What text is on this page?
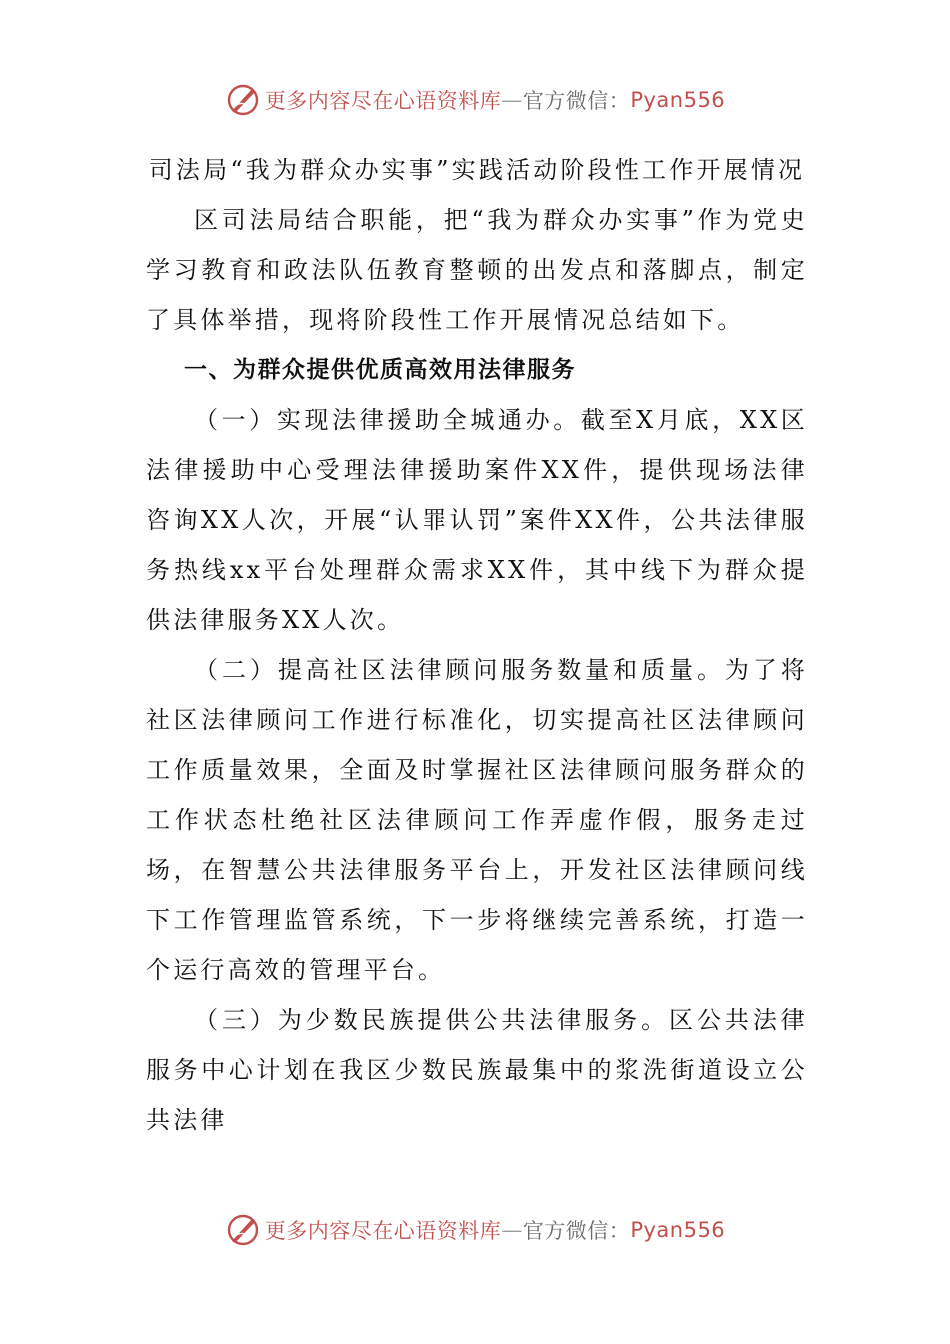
更多内容尽在心语资料库 — 官方微信： Pyan556

司法局“我为群众办实事”实践活动阶段性工作开展情况

区司法局结合职能，把“我为群众办实事”作为党史学习教育和政法队伍教育整顿的出发点和落脚点，制定了具体举措，现将阶段性工作开展情况总结如下。

一、为群众提供优质高效用法律服务

（一）实现法律援助全城通办。截至X月底，XX区法律援助中心受理法律援助案件XX件，提供现场法律咨询XX人次，开展“认罪认罚”案件XX件，公共法律服务热线xx平台处理群众需求XX件，其中线下为群众提供法律服务XX人次。

（二）提高社区法律顾问服务数量和质量。为了将社区法律顾问工作进行标准化，切实提高社区法律顾问工作质量效果，全面及时掌握社区法律顾问服务群众的工作状态杜绝社区法律顾问工作弄虚作假，服务走过场，在智慧公共法律服务平台上，开发社区法律顾问线下工作管理监管系统，下一步将继续完善系统，打造一个运行高效的管理平台。

（三）为少数民族提供公共法律服务。区公共法律服务中心计划在我区少数民族最集中的浆洗街道设立公共法律

更多内容尽在心语资料库 — 官方微信： Pyan556
